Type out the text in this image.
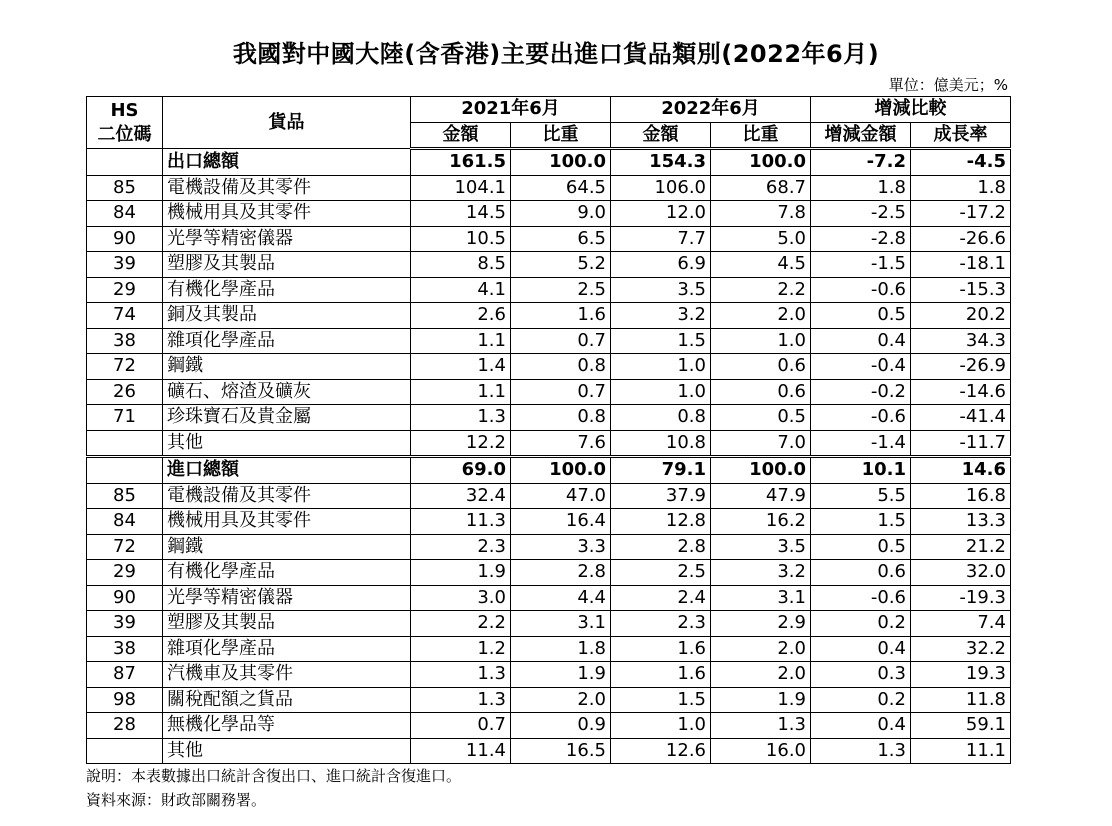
我國對中國大陸(含香港)主要出進口貨品類別(2022年6月)
單位：億美元；%
HS
二位碼	貨品	2021年6月		2022年6月		增減比較	
		金額	比重	金額	比重	增減金額	成長率
	出口總額	161.5	100.0	154.3	100.0	-7.2	-4.5
85	電機設備及其零件	104.1	64.5	106.0	68.7	1.8	1.8
84	機械用具及其零件	14.5	9.0	12.0	7.8	-2.5	-17.2
90	光學等精密儀器	10.5	6.5	7.7	5.0	-2.8	-26.6
39	塑膠及其製品	8.5	5.2	6.9	4.5	-1.5	-18.1
29	有機化學產品	4.1	2.5	3.5	2.2	-0.6	-15.3
74	銅及其製品	2.6	1.6	3.2	2.0	0.5	20.2
38	雜項化學產品	1.1	0.7	1.5	1.0	0.4	34.3
72	鋼鐵	1.4	0.8	1.0	0.6	-0.4	-26.9
26	礦石、熔渣及礦灰	1.1	0.7	1.0	0.6	-0.2	-14.6
71	珍珠寶石及貴金屬	1.3	0.8	0.8	0.5	-0.6	-41.4
	其他	12.2	7.6	10.8	7.0	-1.4	-11.7
	進口總額	69.0	100.0	79.1	100.0	10.1	14.6
85	電機設備及其零件	32.4	47.0	37.9	47.9	5.5	16.8
84	機械用具及其零件	11.3	16.4	12.8	16.2	1.5	13.3
72	鋼鐵	2.3	3.3	2.8	3.5	0.5	21.2
29	有機化學產品	1.9	2.8	2.5	3.2	0.6	32.0
90	光學等精密儀器	3.0	4.4	2.4	3.1	-0.6	-19.3
39	塑膠及其製品	2.2	3.1	2.3	2.9	0.2	7.4
38	雜項化學產品	1.2	1.8	1.6	2.0	0.4	32.2
87	汽機車及其零件	1.3	1.9	1.6	2.0	0.3	19.3
98	關稅配額之貨品	1.3	2.0	1.5	1.9	0.2	11.8
28	無機化學品等	0.7	0.9	1.0	1.3	0.4	59.1
	其他	11.4	16.5	12.6	16.0	1.3	11.1
說明：本表數據出口統計含復出口、進口統計含復進口。
資料來源：財政部關務署。
